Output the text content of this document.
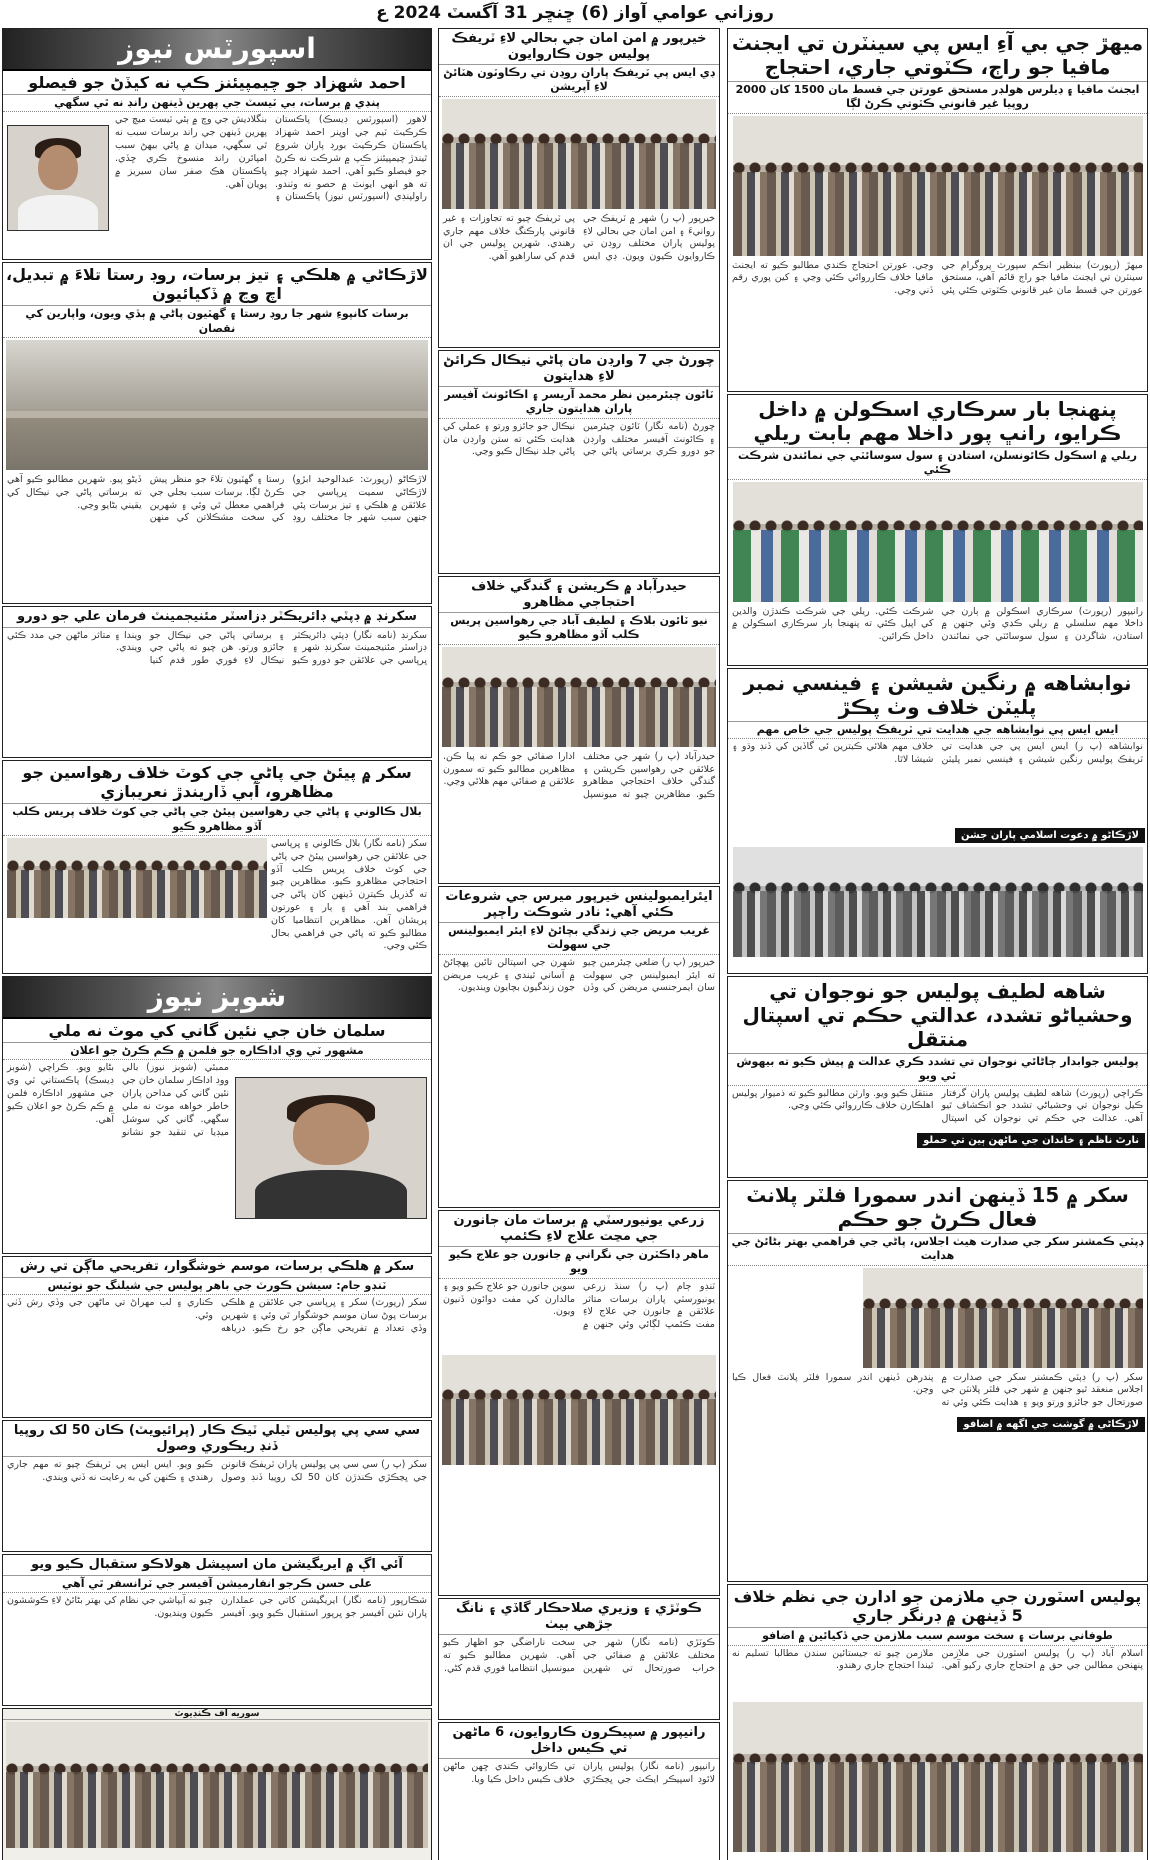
روزاني عوامي آواز (6) ڇنڇر 31 آگسٽ 2024 ع
ميهڙ جي بي آءِ ايس پي سينٽرن تي ايجنٽ مافيا جو راڄ، ڪٽوتي جاري، احتجاج
ايجنٽ مافيا ۽ ڊيلرس هولڊر مستحق عورتن جي قسط مان 1500 کان 2000 روپيا غير قانوني ڪٽوتي ڪرڻ لڳا
ميهڙ (رپورٽ) بينظير انڪم سپورٽ پروگرام جي سينٽرن تي ايجنٽ مافيا جو راڄ قائم آهي، مستحق عورتن جي قسط مان غير قانوني ڪٽوتي ڪئي پئي وڃي. عورتن احتجاج ڪندي مطالبو ڪيو ته ايجنٽ مافيا خلاف ڪارروائي ڪئي وڃي ۽ کين پوري رقم ڏني وڃي.
پنهنجا بار سرڪاري اسڪولن ۾ داخل ڪرايو، رانڀ پور داخلا مهم بابت ريلي
ريلي ۾ اسڪول ڪائونسلن، استادن ۽ سول سوسائٽي جي نمائندن شرڪت ڪئي
رانيپور (رپورٽ) سرڪاري اسڪولن ۾ ٻارن جي داخلا مهم سلسلي ۾ ريلي ڪڍي وئي جنهن ۾ استادن، شاگردن ۽ سول سوسائٽي جي نمائندن شرڪت ڪئي. ريلي جي شرڪت ڪندڙن والدين کي اپيل ڪئي ته پنهنجا ٻار سرڪاري اسڪولن ۾ داخل ڪرائين.
نوابشاهه ۾ رنگين شيشن ۽ فينسي نمبر پليٽن خلاف وٺ پڪڙ
ايس ايس پي نوابشاهه جي هدايت تي ٽريفڪ پوليس جي خاص مهم
نوابشاهه (پ ر) ايس ايس پي جي هدايت تي ٽريفڪ پوليس رنگين شيشن ۽ فينسي نمبر پليٽن خلاف مهم هلائي ڪيترين ئي گاڏين کي ڏنڊ وڌو ۽ شيشا لاٿا.
لاڙڪاڻو ۾ دعوت اسلامي پاران جشن
شاهه لطيف پوليس جو نوجوان تي وحشياڻو تشدد، عدالتي حڪم تي اسپتال منتقل
پوليس جوابدار ڄاڻائي نوجوان تي تشدد ڪري عدالت ۾ پيش ڪيو ته بيهوش ٿي ويو
ڪراچي (رپورٽ) شاهه لطيف پوليس پاران گرفتار ڪيل نوجوان تي وحشياڻي تشدد جو انڪشاف ٿيو آهي. عدالت جي حڪم تي نوجوان کي اسپتال منتقل ڪيو ويو. وارثن مطالبو ڪيو ته ذميوار پوليس اهلڪارن خلاف ڪارروائي ڪئي وڃي.
نارٿ ناظم ۽ خاندان جي ماڻهن ٻين تي حملو
سکر ۾ 15 ڏينهن اندر سمورا فلٽر پلانٽ فعال ڪرڻ جو حڪم
ڊپٽي ڪمشنر سکر جي صدارت هيٺ اجلاس، پاڻي جي فراهمي بهتر بڻائڻ جي هدايت
سکر (پ ر) ڊپٽي ڪمشنر سکر جي صدارت ۾ اجلاس منعقد ٿيو جنهن ۾ شهر جي فلٽر پلانٽن جي صورتحال جو جائزو ورتو ويو ۽ هدايت ڪئي وئي ته پندرهن ڏينهن اندر سمورا فلٽر پلانٽ فعال ڪيا وڃن.
لاڙڪاڻي ۾ گوشت جي اگهه ۾ اضافو
پوليس اسٽورن جي ملازمن جو ادارن جي نظم خلاف 5 ڏينهن ۾ ڊرنگر جاري
طوفاني برسات ۽ سخت موسم سبب ملازمن جي ڏکيائين ۾ اضافو
اسلام آباد (پ ر) پوليس اسٽورن جي ملازمن پنهنجن مطالبن جي حق ۾ احتجاج جاري رکيو آهي. ملازمن چيو ته جيستائين سندن مطالبا تسليم نه ٿيندا احتجاج جاري رهندو.
خيرپور ۾ امن امان جي بحالي لاءِ ٽريفڪ پوليس جون ڪاروايون
ڊي ايس پي ٽريفڪ پاران روڊن تي رڪاوٽون هٽائڻ لاءِ آپريشن
خيرپور (پ ر) شهر ۾ ٽريفڪ جي روانيءَ ۽ امن امان جي بحالي لاءِ پوليس پاران مختلف روڊن تي ڪاروايون ڪيون ويون. ڊي ايس پي ٽريفڪ چيو ته تجاوزات ۽ غير قانوني پارڪنگ خلاف مهم جاري رهندي. شهرين پوليس جي ان قدم کي ساراهيو آهي.
چورڻ جي 7 وارڊن مان پاڻي نيڪال ڪرائڻ لاءِ هدايتون
ٽائون چيئرمين نظر محمد آريسر ۽ اڪائونٽ آفيسر پاران هدايتون جاري
چورڻ (نامه نگار) ٽائون چيئرمين ۽ ڪائونٽ آفيسر مختلف وارڊن جو دورو ڪري برساتي پاڻي جي نيڪال جو جائزو ورتو ۽ عملي کي هدايت ڪئي ته ستن وارڊن مان پاڻي جلد نيڪال ڪيو وڃي.
حيدرآباد ۾ ڪريشن ۽ گندگي خلاف احتجاجي مظاهرو
نيو ٽائون بلاڪ ۽ لطيف آباد جي رهواسين پريس ڪلب آڏو مظاهرو ڪيو
حيدرآباد (پ ر) شهر جي مختلف علائقن جي رهواسين ڪرپشن ۽ گندگي خلاف احتجاجي مظاهرو ڪيو. مظاهرين چيو ته ميونسپل ادارا صفائي جو ڪم نه پيا ڪن. مظاهرين مطالبو ڪيو ته سمورن علائقن ۾ صفائي مهم هلائي وڃي.
ايئرايمبولينس خيرپور ميرس جي شروعات ڪئي آهي: نادر شوڪت راڄپر
غريب مريض جي زندگي بچائڻ لاءِ ايئر ايمبولينس جي سهولت
خيرپور (پ ر) ضلعي چيئرمين چيو ته ايئر ايمبولينس جي سهولت سان ايمرجنسي مريضن کي وڏن شهرن جي اسپتالن تائين پهچائڻ ۾ آساني ٿيندي ۽ غريب مريضن جون زندگيون بچايون وينديون.
زرعي يونيورسٽي ۾ برسات مان جانورن جي مڃت علاج لاءِ ڪئمپ
ماهر ڊاڪٽرن جي نگراني ۾ جانورن جو علاج ڪيو ويو
ٽنڊو ڄام (پ ر) سنڌ زرعي يونيورسٽي پاران برسات متاثر علائقن ۾ جانورن جي علاج لاءِ مفت ڪئمپ لڳائي وئي جنهن ۾ سوين جانورن جو علاج ڪيو ويو ۽ مالدارن کي مفت دوائون ڏنيون ويون.
ڪوٽڙي ۽ وزيري صلاحڪار گاڏي ۽ نانگ جڙهي بيٺ
ڪوٽڙي (نامه نگار) شهر جي مختلف علائقن ۾ صفائي جي خراب صورتحال تي شهرين سخت ناراضگي جو اظهار ڪيو آهي. شهرين مطالبو ڪيو ته ميونسپل انتظاميا فوري قدم کڻي.
رانيپور ۾ سپيڪرون ڪاروايون، 6 ماڻهن تي ڪيس داخل
رانيپور (نامه نگار) پوليس پاران لائوڊ اسپيڪر ايڪٽ جي ڀڃڪڙي تي ڪاروائي ڪندي ڇهن ماڻهن خلاف ڪيس داخل ڪيا ويا.
اسپورٽس نيوز
احمد شهزاد جو چيمپيئنز ڪپ نه کيڏڻ جو فيصلو
پنڊي ۾ برسات، بي ٽيسٽ جي پهرين ڏينهن رانڊ نه ٿي سگهي
لاهور (اسپورٽس ڊيسڪ) پاڪستان ڪرڪيٽ ٽيم جي اوپنر احمد شهزاد پاڪستان ڪرڪيٽ بورڊ پاران شروع ٿيندڙ چيمپيئنز ڪپ ۾ شرڪت نه ڪرڻ جو فيصلو ڪيو آهي. احمد شهزاد چيو ته هو انهي ايونٽ ۾ حصو نه وٺندو. راولپنڊي (اسپورٽس نيوز) پاڪستان ۽ بنگلاديش جي وچ ۾ ٻئي ٽيسٽ ميچ جي پهرين ڏينهن جي راند برسات سبب نه ٿي سگهي، ميدان ۾ پاڻي بيهڻ سبب امپائرن راند منسوخ ڪري ڇڏي. پاڪستان هڪ صفر سان سيريز ۾ پويان آهي.
لاڙڪاڻي ۾ هلڪي ۽ تيز برسات، روڊ رستا تلاءَ ۾ تبديل، اچ وڃ ۾ ڏکيائيون
برسات کانپوءِ شهر جا روڊ رستا ۽ گهٽيون پاڻي ۾ ٻڏي ويون، واپارين کي نقصان
لاڙڪاڻو (رپورٽ: عبدالوحيد ابڙو) لاڙڪاڻي سميت ڀرپاسي جي علائقن ۾ هلڪي ۽ تيز برسات پئي جنهن سبب شهر جا مختلف روڊ رستا ۽ گهٽيون تلاءَ جو منظر پيش ڪرڻ لڳا. برسات سبب بجلي جي فراهمي معطل ٿي وئي ۽ شهرين کي سخت مشڪلاتن کي منهن ڏيڻو پيو. شهرين مطالبو ڪيو آهي ته برساتي پاڻي جي نيڪال کي يقيني بڻايو وڃي.
سکرنڊ ۾ ڊپٽي ڊائريڪٽر ڊزاسٽر مئنيجمينٽ فرمان علي جو دورو
سکرنڊ (نامه نگار) ڊپٽي ڊائريڪٽر ڊزاسٽر مئنيجمينٽ سکرنڊ شهر ۽ ڀرپاسي جي علائقن جو دورو ڪيو ۽ برساتي پاڻي جي نيڪال جو جائزو ورتو. هن چيو ته پاڻي جي نيڪال لاءِ فوري طور قدم کنيا ويندا ۽ متاثر ماڻهن جي مدد ڪئي ويندي.
سکر ۾ پيئڻ جي پاڻي جي کوٽ خلاف رهواسين جو مظاهرو، آبي ڏاريندڙ نعريبازي
بلال ڪالوني ۽ پاڻي جي رهواسين پيئڻ جي پاڻي جي کوٽ خلاف پريس ڪلب آڏو مظاهرو ڪيو
سکر (نامه نگار) بلال ڪالوني ۽ ڀرپاسي جي علائقن جي رهواسين پيئڻ جي پاڻي جي کوٽ خلاف پريس ڪلب آڏو احتجاجي مظاهرو ڪيو. مظاهرين چيو ته گذريل ڪيترن ڏينهن کان پاڻي جي فراهمي بند آهي ۽ ٻار ۽ عورتون پريشان آهن. مظاهرين انتظاميا کان مطالبو ڪيو ته پاڻي جي فراهمي بحال ڪئي وڃي.
شوبز نيوز
سلمان خان جي نئين گاني کي موٽ نه ملي
مشهور ٽي وي اداڪاره جو فلمن ۾ ڪم ڪرڻ جو اعلان
ممبئي (شوبز نيوز) بالي ووڊ اداڪار سلمان خان جي نئين گاني کي مداحن پاران خاطر خواهه موٽ نه ملي سگهي. گاني کي سوشل ميڊيا تي تنقيد جو نشانو بڻايو ويو. ڪراچي (شوبز ڊيسڪ) پاڪستاني ٽي وي جي مشهور اداڪاره فلمن ۾ ڪم ڪرڻ جو اعلان ڪيو آهي.
سکر ۾ هلڪي برسات، موسم خوشگوار، تفريحي ماڳن تي رش
ٽنڊو جام: سيشن ڪورٽ جي باهر پوليس جي شيلنگ جو نوٽيس
سکر (رپورٽ) سکر ۽ ڀرپاسي جي علائقن ۾ هلڪي برسات پوڻ سان موسم خوشگوار ٿي وئي ۽ شهرين وڏي تعداد ۾ تفريحي ماڳن جو رخ ڪيو. درياهه ڪناري ۽ لب مهراڻ تي ماڻهن جي وڏي رش ڏٺي وئي.
سي سي پي پوليس ٽيلي ٽيڪ ڪار (پرائيويٽ) ڪان 50 لک روپيا ڏنڊ ريڪوري وصول
سکر (پ ر) سي سي پي پوليس پاران ٽريفڪ قانونن جي ڀڃڪڙي ڪندڙن کان 50 لک روپيا ڏنڊ وصول ڪيو ويو. ايس ايس پي ٽريفڪ چيو ته مهم جاري رهندي ۽ ڪنهن کي به رعايت نه ڏني ويندي.
آئي اڳ ۾ ايريگيشن مان اسپيشل هولاڪو ستقبال ڪيو ويو
على حسن ڪرجو انفارميشن آفيسر جي ٽرانسفر ٿي آهي
شڪارپور (نامه نگار) ايريگيشن کاتي جي عملدارن پاران نئين آفيسر جو ڀرپور استقبال ڪيو ويو. آفيسر چيو ته آبپاشي جي نظام کي بهتر بڻائڻ لاءِ ڪوششون ڪيون وينديون.
سوريه آف ڪنڊيوٽ
